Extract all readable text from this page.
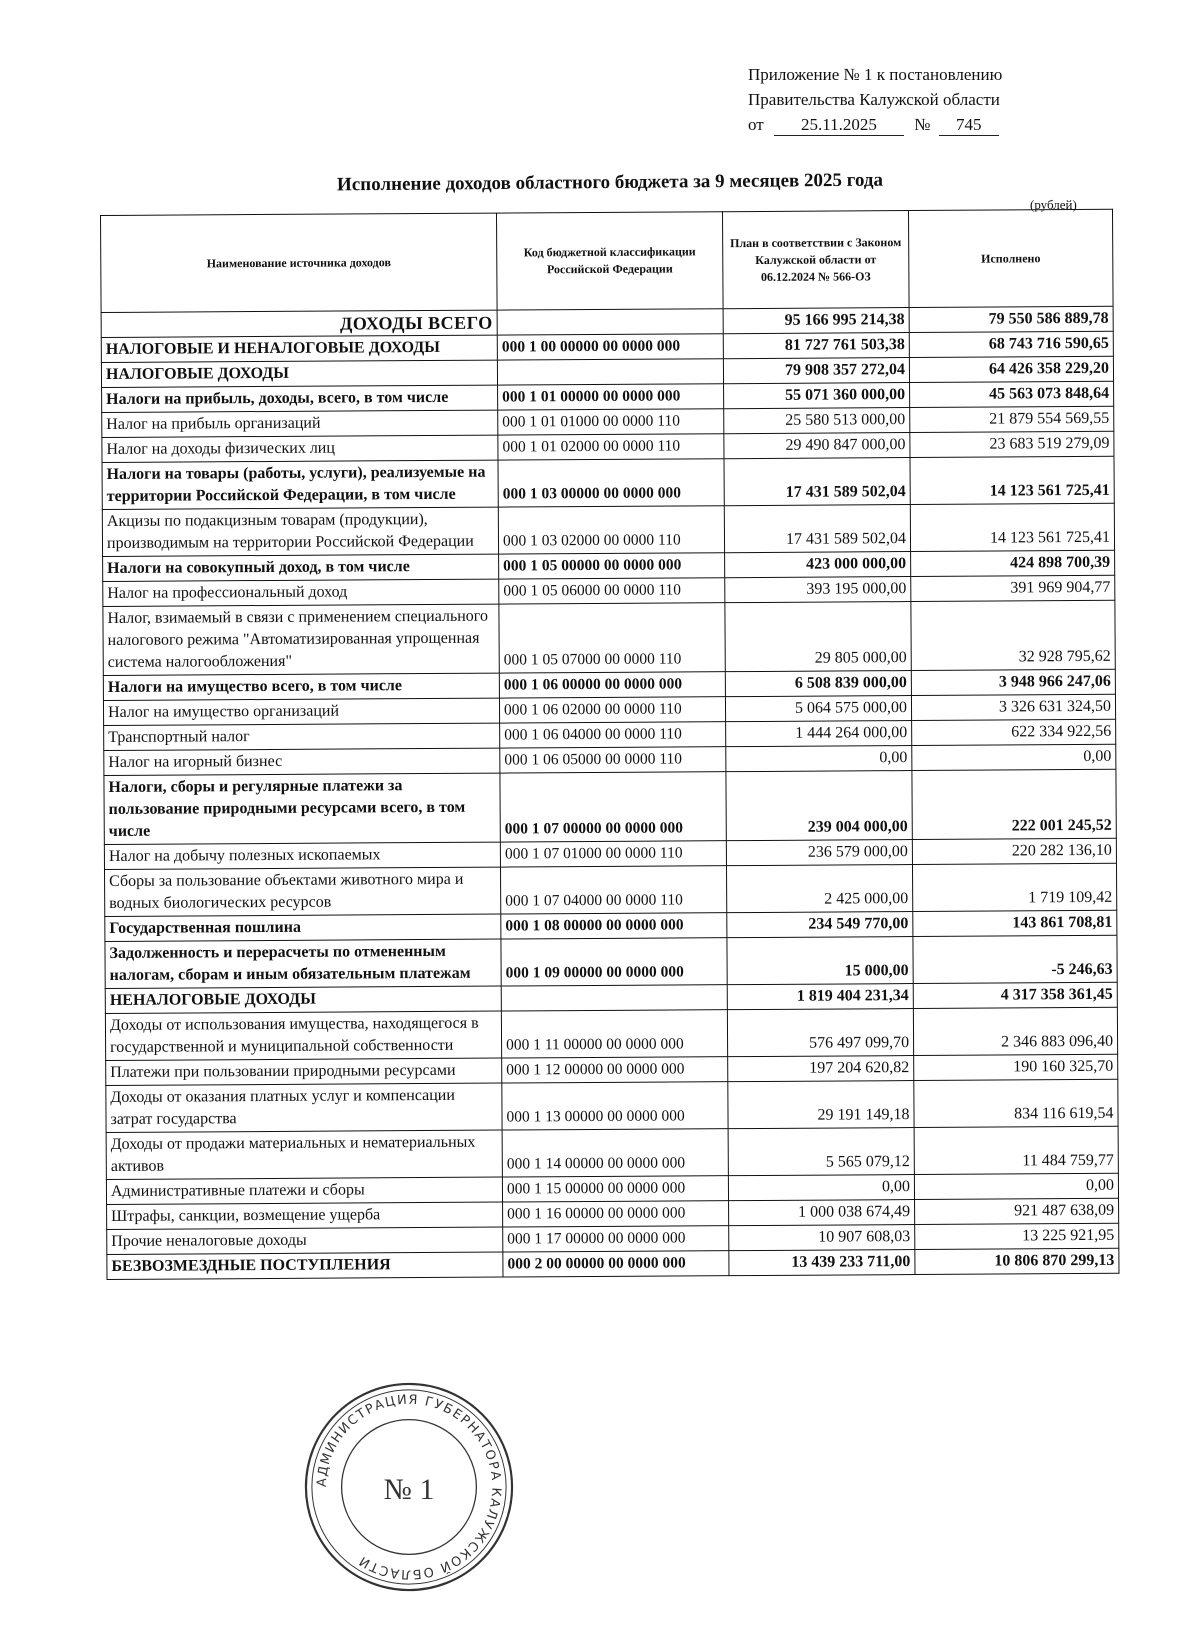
Приложение № 1 к постановлению
Правительства Калужской области
от 25.11.2025 № 745
Исполнение доходов областного бюджета за 9 месяцев 2025 года
(рублей)
Наименование источника доходов	Код бюджетной классификации Российской Федерации	План в соответствии с Законом Калужской области от 06.12.2024 № 566-ОЗ	Исполнено
ДОХОДЫ ВСЕГО		95 166 995 214,38	79 550 586 889,78
НАЛОГОВЫЕ И НЕНАЛОГОВЫЕ ДОХОДЫ	000 1 00 00000 00 0000 000	81 727 761 503,38	68 743 716 590,65
НАЛОГОВЫЕ ДОХОДЫ		79 908 357 272,04	64 426 358 229,20
Налоги на прибыль, доходы, всего, в том числе	000 1 01 00000 00 0000 000	55 071 360 000,00	45 563 073 848,64
Налог на прибыль организаций	000 1 01 01000 00 0000 110	25 580 513 000,00	21 879 554 569,55
Налог на доходы физических лиц	000 1 01 02000 00 0000 110	29 490 847 000,00	23 683 519 279,09
Налоги на товары (работы, услуги), реализуемые на территории Российской Федерации, в том числе	000 1 03 00000 00 0000 000	17 431 589 502,04	14 123 561 725,41
Акцизы по подакцизным товарам (продукции), производимым на территории Российской Федерации	000 1 03 02000 00 0000 110	17 431 589 502,04	14 123 561 725,41
Налоги на совокупный доход, в том числе	000 1 05 00000 00 0000 000	423 000 000,00	424 898 700,39
Налог на профессиональный доход	000 1 05 06000 00 0000 110	393 195 000,00	391 969 904,77
Налог, взимаемый в связи с применением специального налогового режима "Автоматизированная упрощенная система налогообложения"	000 1 05 07000 00 0000 110	29 805 000,00	32 928 795,62
Налоги на имущество всего, в том числе	000 1 06 00000 00 0000 000	6 508 839 000,00	3 948 966 247,06
Налог на имущество организаций	000 1 06 02000 00 0000 110	5 064 575 000,00	3 326 631 324,50
Транспортный налог	000 1 06 04000 00 0000 110	1 444 264 000,00	622 334 922,56
Налог на игорный бизнес	000 1 06 05000 00 0000 110	0,00	0,00
Налоги, сборы и регулярные платежи за пользование природными ресурсами всего, в том числе	000 1 07 00000 00 0000 000	239 004 000,00	222 001 245,52
Налог на добычу полезных ископаемых	000 1 07 01000 00 0000 110	236 579 000,00	220 282 136,10
Сборы за пользование объектами животного мира и водных биологических ресурсов	000 1 07 04000 00 0000 110	2 425 000,00	1 719 109,42
Государственная пошлина	000 1 08 00000 00 0000 000	234 549 770,00	143 861 708,81
Задолженность и перерасчеты по отмененным налогам, сборам и иным обязательным платежам	000 1 09 00000 00 0000 000	15 000,00	-5 246,63
НЕНАЛОГОВЫЕ ДОХОДЫ		1 819 404 231,34	4 317 358 361,45
Доходы от использования имущества, находящегося в государственной и муниципальной собственности	000 1 11 00000 00 0000 000	576 497 099,70	2 346 883 096,40
Платежи при пользовании природными ресурсами	000 1 12 00000 00 0000 000	197 204 620,82	190 160 325,70
Доходы от оказания платных услуг и компенсации затрат государства	000 1 13 00000 00 0000 000	29 191 149,18	834 116 619,54
Доходы от продажи материальных и нематериальных активов	000 1 14 00000 00 0000 000	5 565 079,12	11 484 759,77
Административные платежи и сборы	000 1 15 00000 00 0000 000	0,00	0,00
Штрафы, санкции, возмещение ущерба	000 1 16 00000 00 0000 000	1 000 038 674,49	921 487 638,09
Прочие неналоговые доходы	000 1 17 00000 00 0000 000	10 907 608,03	13 225 921,95
БЕЗВОЗМЕЗДНЫЕ ПОСТУПЛЕНИЯ	000 2 00 00000 00 0000 000	13 439 233 711,00	10 806 870 299,13
АДМИНИСТРАЦИЯ ГУБЕРНАТОРА КАЛУЖСКОЙ ОБЛАСТИ
№ 1
